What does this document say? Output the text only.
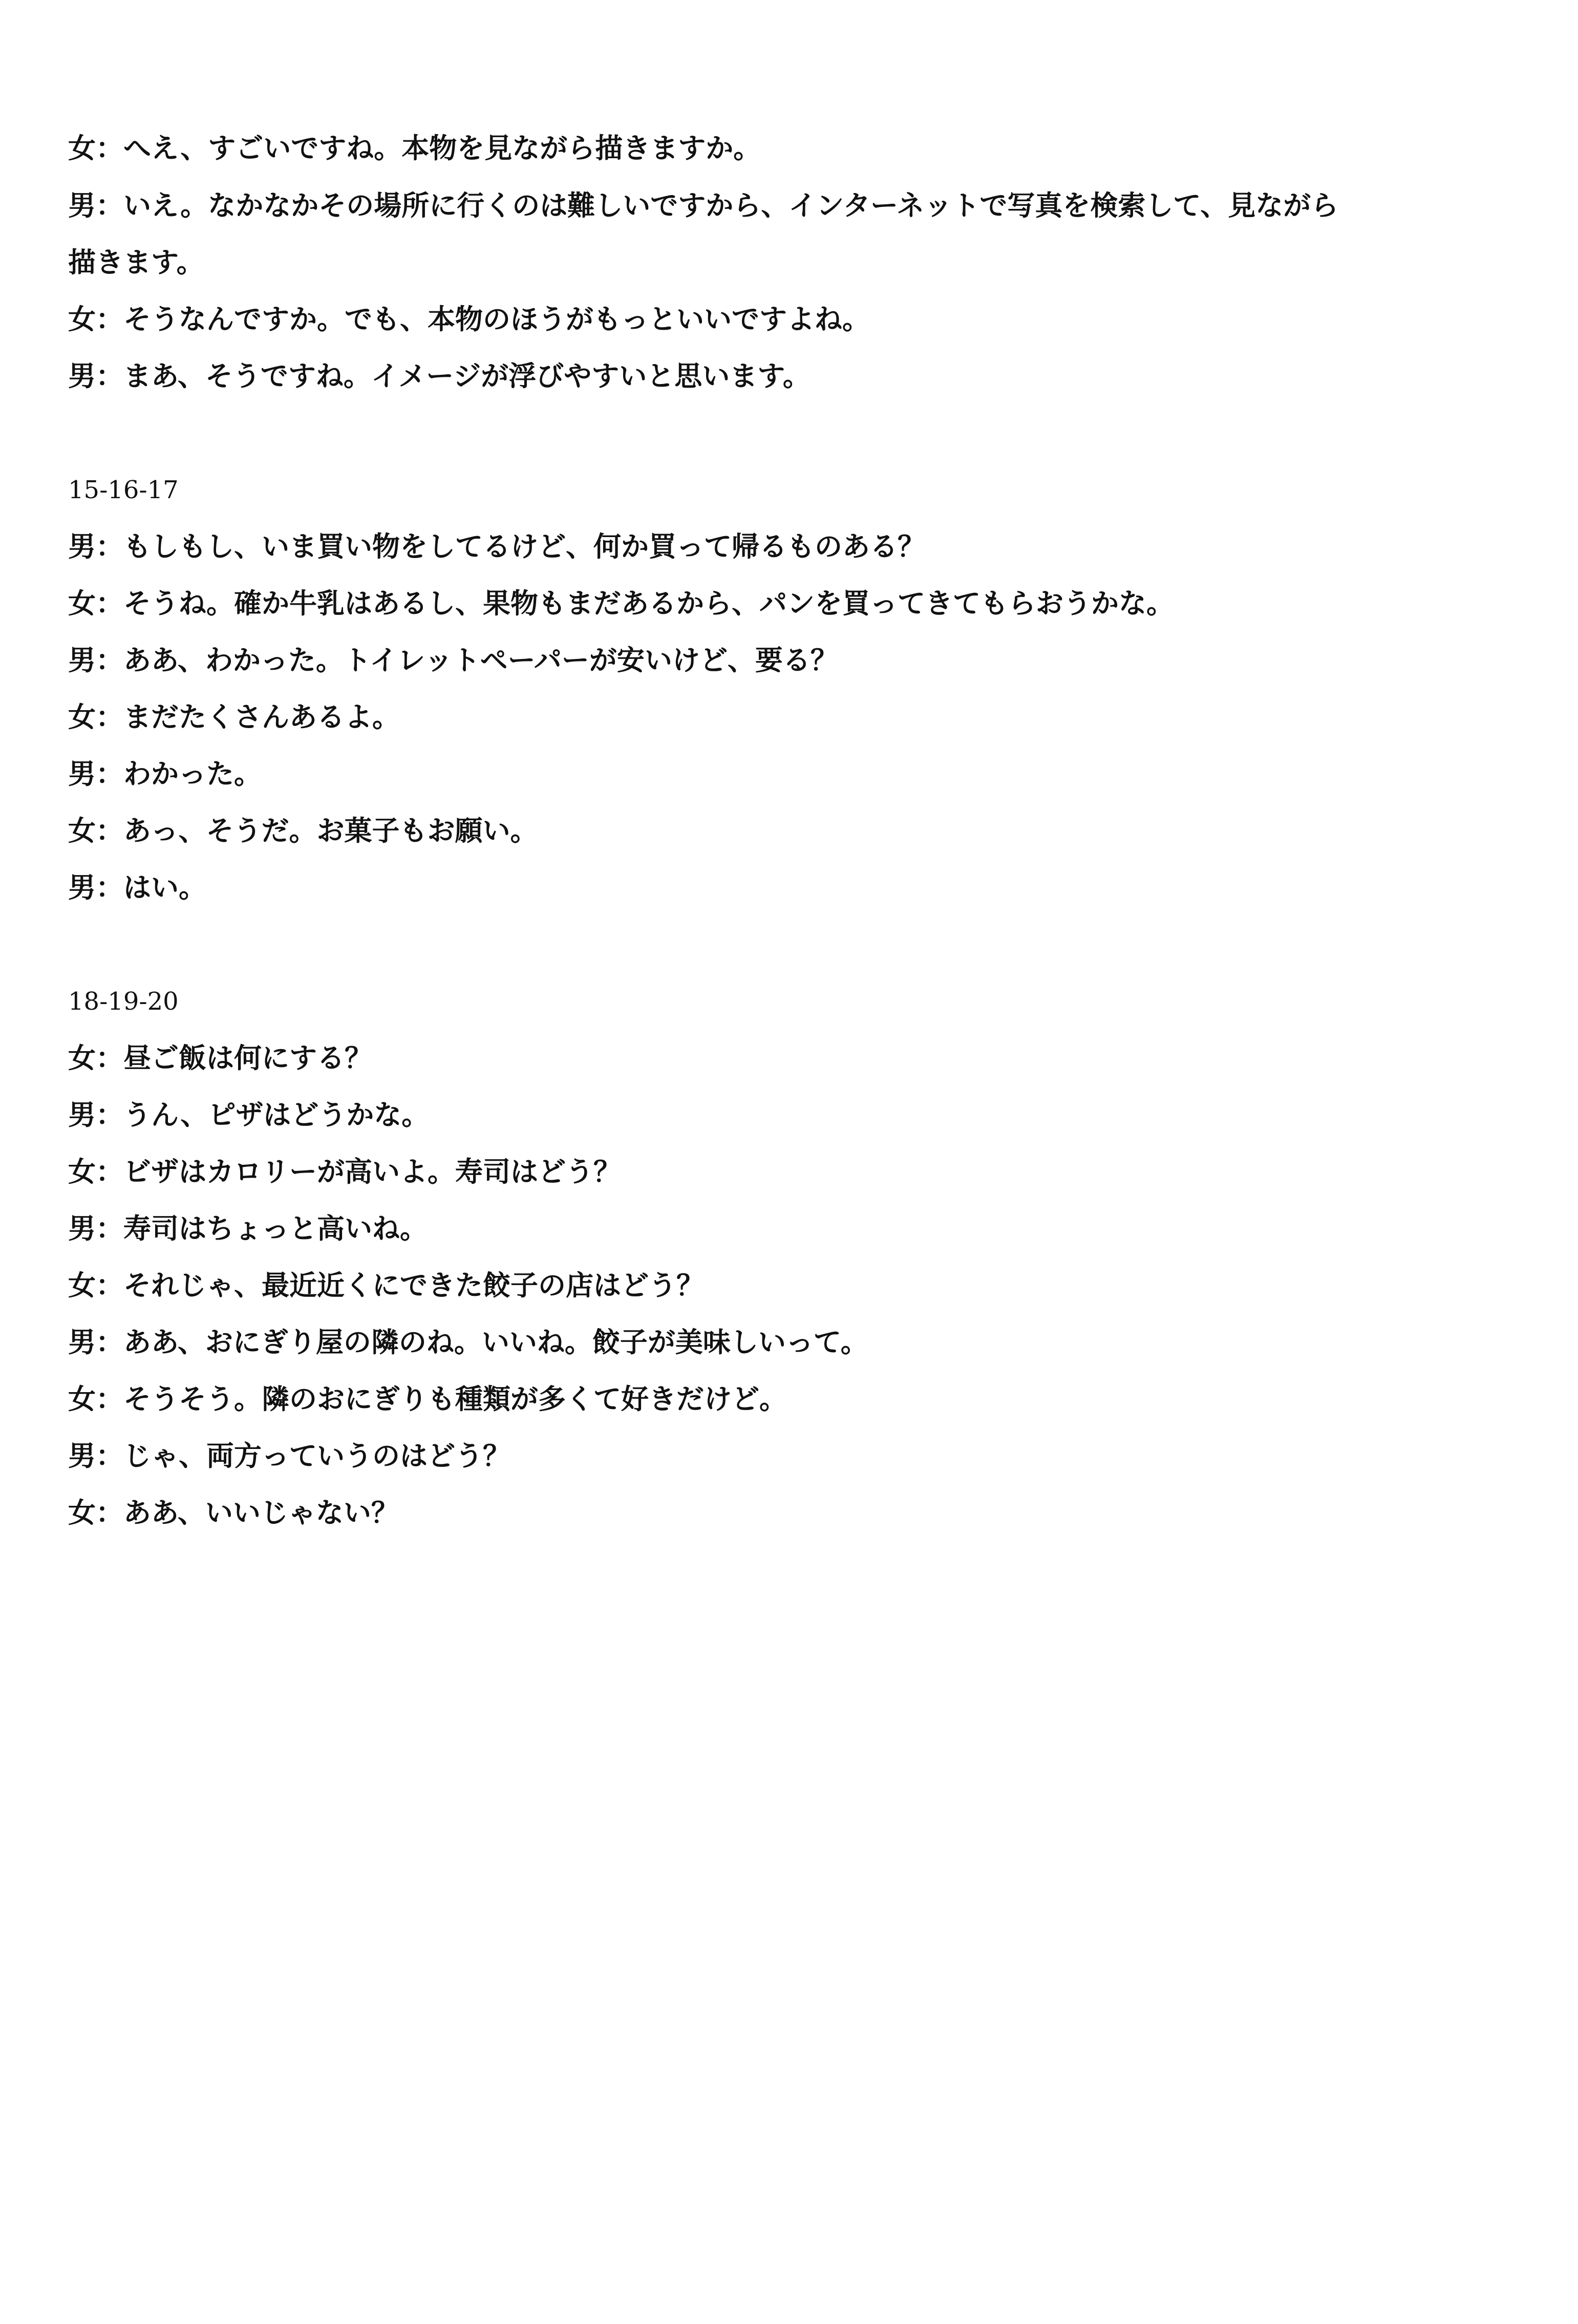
女：へえ、すごいですね。本物を見ながら描きますか。
男：いえ。なかなかその場所に行くのは難しいですから、インターネットで写真を検索して、見ながら
描きます。
女：そうなんですか。でも、本物のほうがもっといいですよね。
男：まあ、そうですね。イメージが浮びやすいと思います。
15-16-17
男：もしもし、いま買い物をしてるけど、何か買って帰るものある？
女：そうね。確か牛乳はあるし、果物もまだあるから、パンを買ってきてもらおうかな。
男：ああ、わかった。トイレットペーパーが安いけど、要る？
女：まだたくさんあるよ。
男：わかった。
女：あっ、そうだ。お菓子もお願い。
男：はい。
18-19-20
女：昼ご飯は何にする？
男：うん、ピザはどうかな。
女：ビザはカロリーが高いよ。寿司はどう？
男：寿司はちょっと高いね。
女：それじゃ、最近近くにできた餃子の店はどう？
男：ああ、おにぎり屋の隣のね。いいね。餃子が美味しいって。
女：そうそう。隣のおにぎりも種類が多くて好きだけど。
男：じゃ、両方っていうのはどう？
女：ああ、いいじゃない？
